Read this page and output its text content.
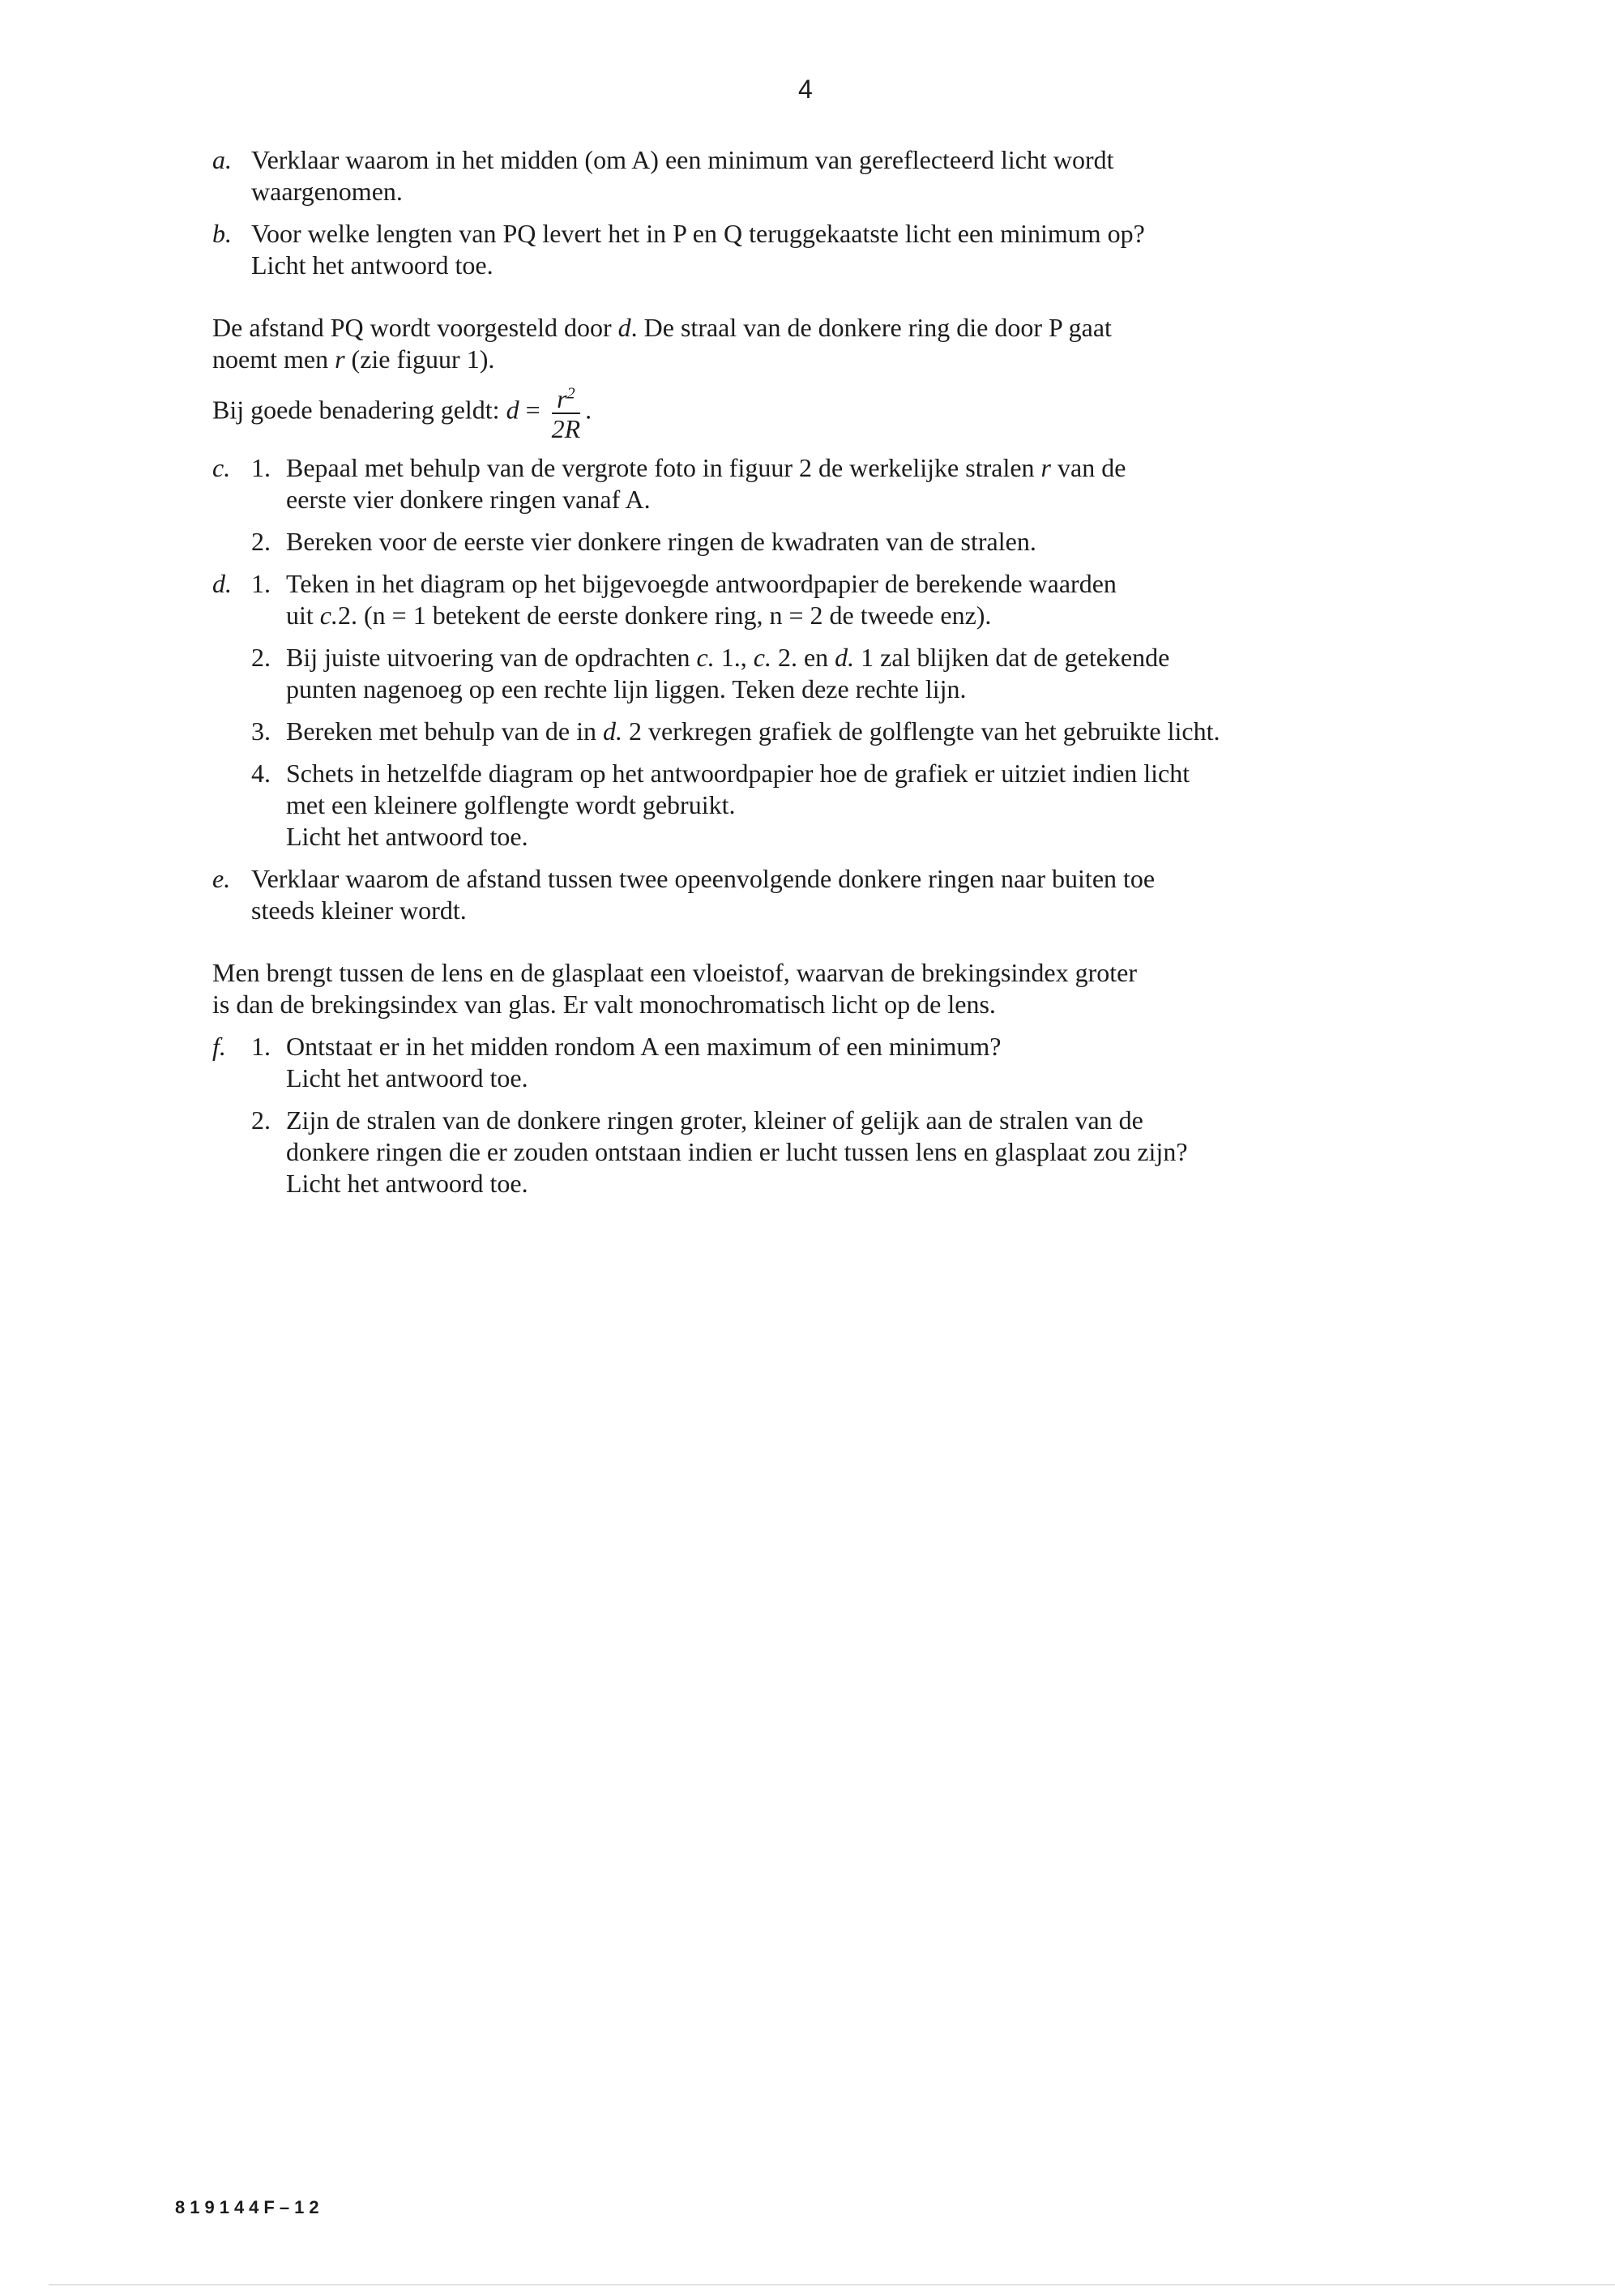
4
a. Verklaar waarom in het midden (om A) een minimum van gereflecteerd licht wordt
waargenomen.
b. Voor welke lengten van PQ levert het in P en Q teruggekaatste licht een minimum op?
Licht het antwoord toe.
De afstand PQ wordt voorgesteld door d. De straal van de donkere ring die door P gaat
noemt men r (zie figuur 1).
Bij goede benadering geldt: $d = \frac{r^2}{2R}$ .
c. 1. Bepaal met behulp van de vergrote foto in figuur 2 de werkelijke stralen r van de
eerste vier donkere ringen vanaf A.
2. Bereken voor de eerste vier donkere ringen de kwadraten van de stralen.
d. 1. Teken in het diagram op het bijgevoegde antwoordpapier de berekende waarden
uit c.2. (n = 1 betekent de eerste donkere ring, n = 2 de tweede enz).
2. Bij juiste uitvoering van de opdrachten c. 1., c. 2. en d. 1 zal blijken dat de getekende
punten nagenoeg op een rechte lijn liggen. Teken deze rechte lijn.
3. Bereken met behulp van de in d. 2 verkregen grafiek de golflengte van het gebruikte licht.
4. Schets in hetzelfde diagram op het antwoordpapier hoe de grafiek er uitziet indien licht
met een kleinere golflengte wordt gebruikt.
Licht het antwoord toe.
e. Verklaar waarom de afstand tussen twee opeenvolgende donkere ringen naar buiten toe
steeds kleiner wordt.
Men brengt tussen de lens en de glasplaat een vloeistof, waarvan de brekingsindex groter
is dan de brekingsindex van glas. Er valt monochromatisch licht op de lens.
f. 1. Ontstaat er in het midden rondom A een maximum of een minimum?
Licht het antwoord toe.
2. Zijn de stralen van de donkere ringen groter, kleiner of gelijk aan de stralen van de
donkere ringen die er zouden ontstaan indien er lucht tussen lens en glasplaat zou zijn?
Licht het antwoord toe.
819144F–12
